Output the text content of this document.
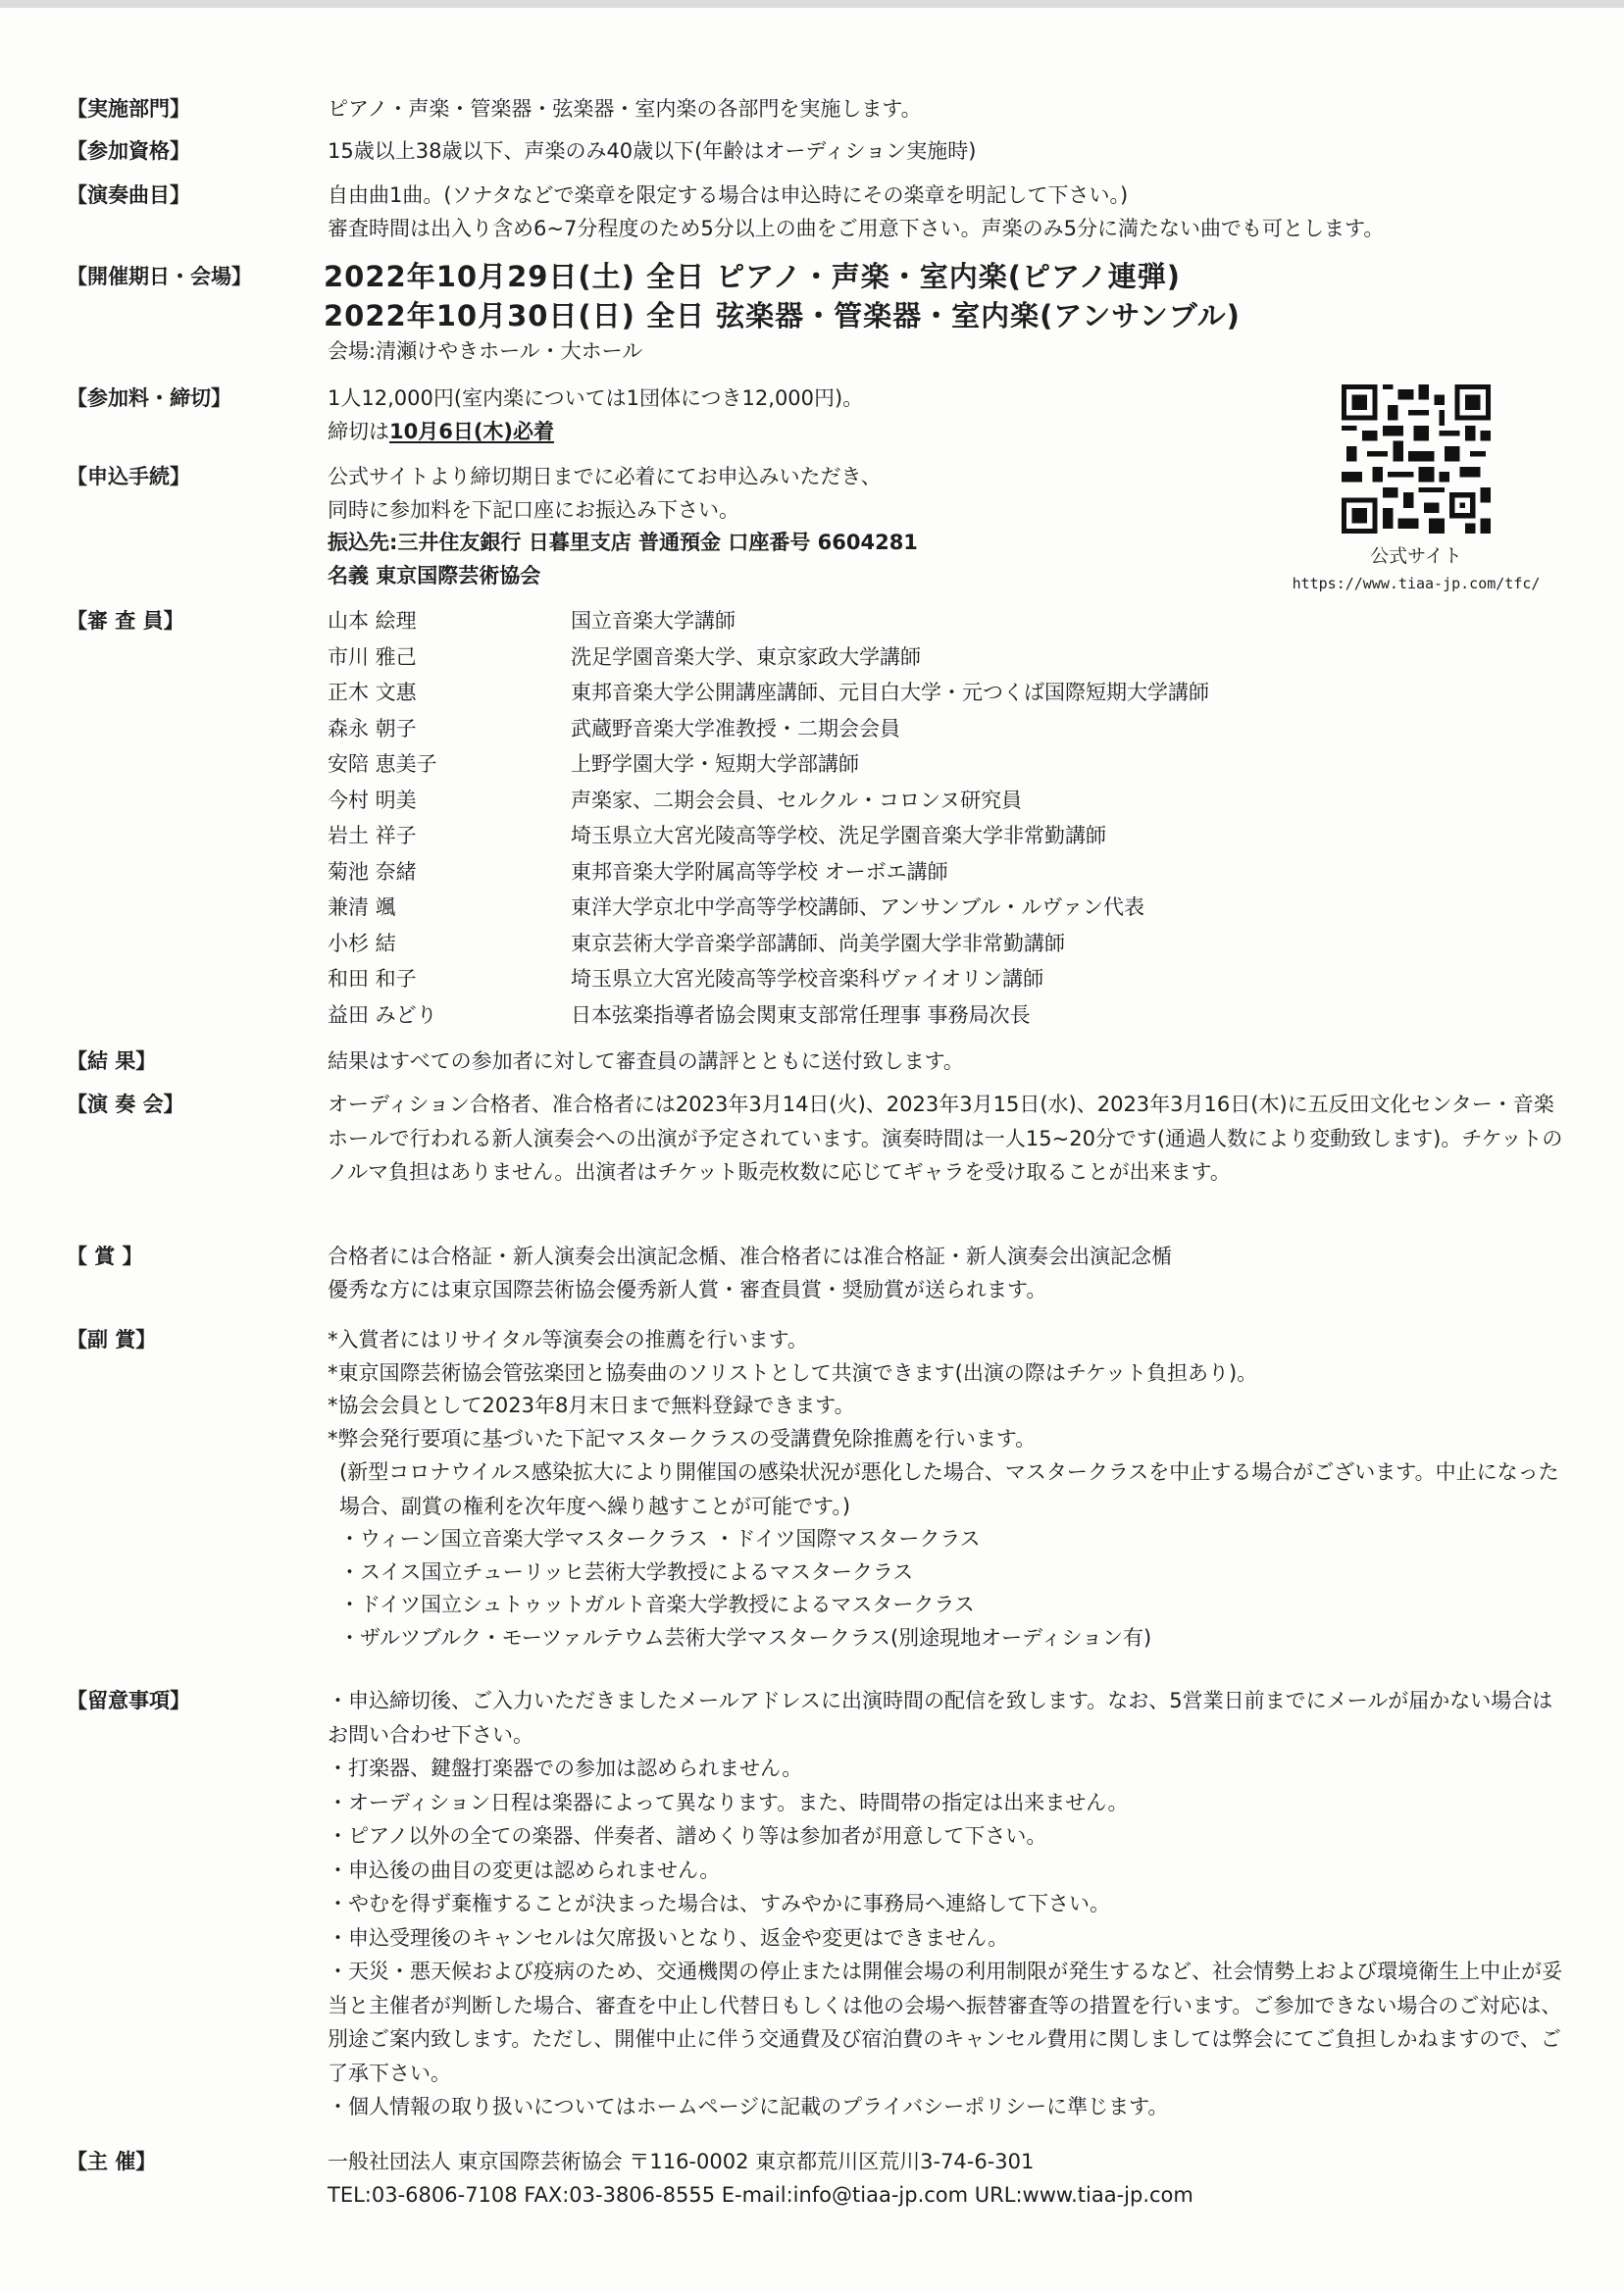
【実施部門】	ピアノ・声楽・管楽器・弦楽器・室内楽の各部門を実施します。
【参加資格】	15歳以上38歳以下、声楽のみ40歳以下(年齢はオーディション実施時)
【演奏曲目】	自由曲1曲。(ソナタなどで楽章を限定する場合は申込時にその楽章を明記して下さい。)
審査時間は出入り含め6~7分程度のため5分以上の曲をご用意下さい。声楽のみ5分に満たない曲でも可とします。
【開催期日・会場】	2022年10月29日(土) 全日 ピアノ・声楽・室内楽(ピアノ連弾)
2022年10月30日(日) 全日 弦楽器・管楽器・室内楽(アンサンブル)
会場:清瀬けやきホール・大ホール
【参加料・締切】	1人12,000円(室内楽については1団体につき12,000円)。
締切は10月6日(木)必着
【申込手続】	公式サイトより締切期日までに必着にてお申込みいただき、
同時に参加料を下記口座にお振込み下さい。
振込先:三井住友銀行 日暮里支店 普通預金 口座番号 6604281
名義 東京国際芸術協会
公式サイト
https://www.tiaa-jp.com/tfc/
【審 査 員】	山本 絵理	国立音楽大学講師
市川 雅己	洗足学園音楽大学、東京家政大学講師
正木 文惠	東邦音楽大学公開講座講師、元目白大学・元つくば国際短期大学講師
森永 朝子	武蔵野音楽大学准教授・二期会会員
安陪 恵美子	上野学園大学・短期大学部講師
今村 明美	声楽家、二期会会員、セルクル・コロンヌ研究員
岩土 祥子	埼玉県立大宮光陵高等学校、洗足学園音楽大学非常勤講師
菊池 奈緒	東邦音楽大学附属高等学校 オーボエ講師
兼清 颯	東洋大学京北中学高等学校講師、アンサンブル・ルヴァン代表
小杉 結	東京芸術大学音楽学部講師、尚美学園大学非常勤講師
和田 和子	埼玉県立大宮光陵高等学校音楽科ヴァイオリン講師
益田 みどり	日本弦楽指導者協会関東支部常任理事 事務局次長
【結 果】	結果はすべての参加者に対して審査員の講評とともに送付致します。
【演 奏 会】	オーディション合格者、准合格者には2023年3月14日(火)、2023年3月15日(水)、2023年3月16日(木)に五反田文化センター・音楽ホールで行われる新人演奏会への出演が予定されています。演奏時間は一人15~20分です(通過人数により変動致します)。チケットのノルマ負担はありません。出演者はチケット販売枚数に応じてギャラを受け取ることが出来ます。
【 賞 】	合格者には合格証・新人演奏会出演記念楯、准合格者には准合格証・新人演奏会出演記念楯
優秀な方には東京国際芸術協会優秀新人賞・審査員賞・奨励賞が送られます。
【副 賞】	*入賞者にはリサイタル等演奏会の推薦を行います。
*東京国際芸術協会管弦楽団と協奏曲のソリストとして共演できます(出演の際はチケット負担あり)。
*協会会員として2023年8月末日まで無料登録できます。
*弊会発行要項に基づいた下記マスタークラスの受講費免除推薦を行います。
(新型コロナウイルス感染拡大により開催国の感染状況が悪化した場合、マスタークラスを中止する場合がございます。中止になった場合、副賞の権利を次年度へ繰り越すことが可能です。)
・ウィーン国立音楽大学マスタークラス ・ドイツ国際マスタークラス
・スイス国立チューリッヒ芸術大学教授によるマスタークラス
・ドイツ国立シュトゥットガルト音楽大学教授によるマスタークラス
・ザルツブルク・モーツァルテウム芸術大学マスタークラス(別途現地オーディション有)
【留意事項】	・申込締切後、ご入力いただきましたメールアドレスに出演時間の配信を致します。なお、5営業日前までにメールが届かない場合はお問い合わせ下さい。
・打楽器、鍵盤打楽器での参加は認められません。
・オーディション日程は楽器によって異なります。また、時間帯の指定は出来ません。
・ピアノ以外の全ての楽器、伴奏者、譜めくり等は参加者が用意して下さい。
・申込後の曲目の変更は認められません。
・やむを得ず棄権することが決まった場合は、すみやかに事務局へ連絡して下さい。
・申込受理後のキャンセルは欠席扱いとなり、返金や変更はできません。
・天災・悪天候および疫病のため、交通機関の停止または開催会場の利用制限が発生するなど、社会情勢上および環境衛生上中止が妥当と主催者が判断した場合、審査を中止し代替日もしくは他の会場へ振替審査等の措置を行います。ご参加できない場合のご対応は、別途ご案内致します。ただし、開催中止に伴う交通費及び宿泊費のキャンセル費用に関しましては弊会にてご負担しかねますので、ご了承下さい。
・個人情報の取り扱いについてはホームページに記載のプライバシーポリシーに準じます。
【主 催】	一般社団法人 東京国際芸術協会 〒116-0002 東京都荒川区荒川3-74-6-301
TEL:03-6806-7108 FAX:03-3806-8555 E-mail:info@tiaa-jp.com URL:www.tiaa-jp.com
